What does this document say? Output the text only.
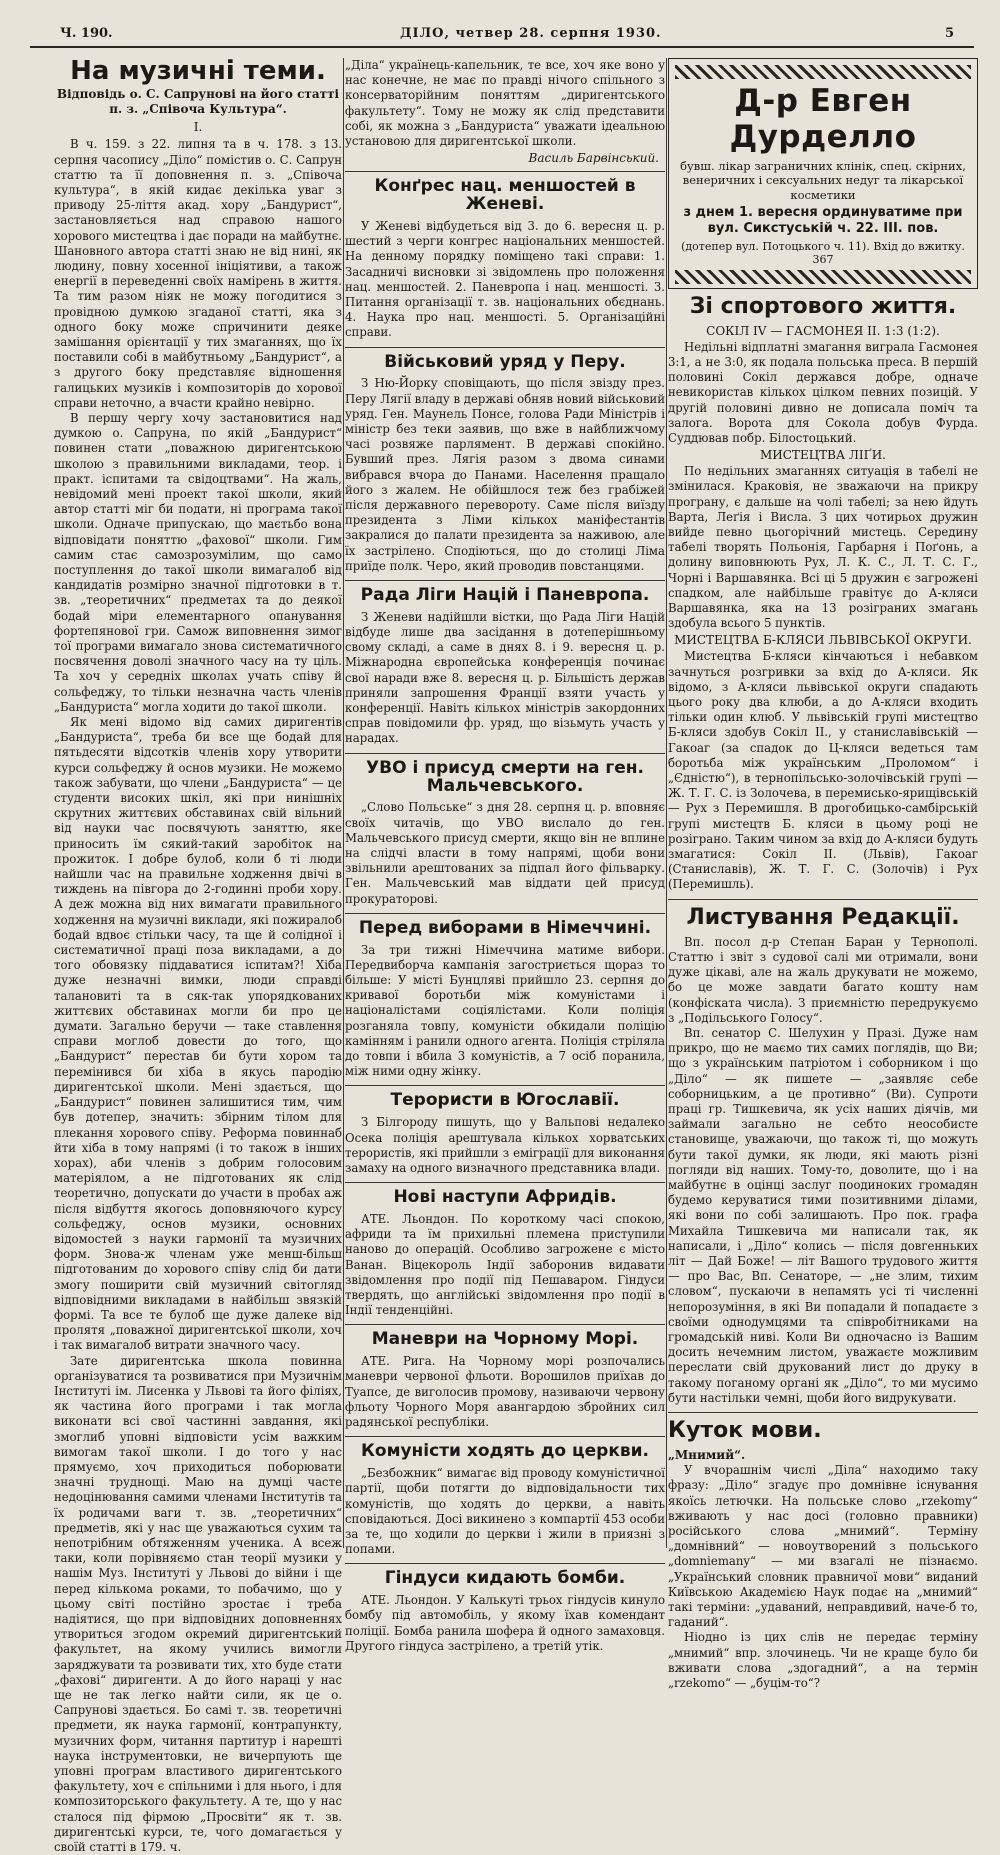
Ч. 190.	ДІЛО, четвер 28. серпня 1930.	5
На музичні теми.
Відповідь о. С. Сапрунові на його статті п. з. „Співоча Культура“.
I.

В ч. 159. з 22. липня та в ч. 178. з 13. серпня часопису „Діло“ помістив о. С. Сапрун статтю та її доповнення п. з. „Співоча культура“, в якій кидає декілька уваг з приводу 25-ліття акад. хору „Бандурист“, застановляється над справою нашого хорового мистецтва і дає поради на майбутнє. Шановного автора статті знаю не від нині, як людину, повну хосенної ініціятиви, а також енергії в переведенні своїх намірень в життя. Та тим разом ніяк не можу погодитися з провідною думкою згаданої статті, яка з одного боку може спричинити деяке замішання орієнтації у тих змаганнях, що їх поставили собі в майбутньому „Бандурист“, а з другого боку представляє відношення галицьких музиків і композиторів до хорової справи неточно, а вчасти крайно невірно.

В першу чергу хочу застановитися над думкою о. Сапруна, по якій „Бандурист“ повинен стати „поважною диригентською школою з правильними викладами, теор. і практ. іспитами та свідоцтвами“. На жаль, невідомий мені проект такої школи, який автор статті міг би подати, ні програма такої школи. Одначе припускаю, що маєтьбо вона відповідати поняттю „фахової“ школи. Гим самим стає самозрозумілим, що само поступлення до такої школи вимагалоб від кандидатів розмірно значної підготовки в т. зв. „теоретичних“ предметах та до деякої бодай міри елементарного опанування фортепянової гри. Самож виповнення зимог тої програми вимагало знова систематичного посвячення доволі значного часу на ту ціль. Та хоч у середніх школах учать співу й сольфеджу, то тільки незначна часть членів „Бандуриста“ могла ходити до такої школи.

Як мені відомо від самих диригентів „Бандуриста“, треба би все ще бодай для пятьдесяти відсотків членів хору утворити курси сольфеджу й основ музики. Не можемо також забувати, що члени „Бандуриста“ — це студенти високих шкіл, які при нинішніх скрутних життєвих обставинах свій вільний від науки час посвячують заняттю, яке приносить їм сякий-такий заробіток на прожиток. І добре булоб, коли б ті люди найшли час на правильне ходження двічі в тиждень на півгора до 2-годинні проби хору. А деж можна від них вимагати правильного ходження на музичні виклади, які пожиралоб бодай вдвоє стільки часу, та ще й солідної і систематичної праці поза викладами, а до того обовязку піддаватися іспитам?! Хіба дуже незначні вимки, люди справді талановиті та в сяк-так упорядкованих життєвих обставинах могли би про це думати. Загально беручи — таке ставлення справи моглоб довести до того, що „Бандурист“ перестав би бути хором та перемінився би хіба в якусь пародію диригентської школи. Мені здається, що „Бандурист“ повинен залишитися тим, чим був дотепер, значить: збірним тілом для плекання хорового співу. Реформа повиннаб йти хіба в тому напрямі (і то також в інших хорах), аби членів з добрим голосовим матеріялом, а не підготованих як слід теоретично, допускати до участи в пробах аж після відбуття якогось доповняючого курсу сольфеджу, основ музики, основних відомостей з науки гармонії та музичних форм. Знова-ж членам уже менш-більш підготованим до хорового співу слід би дати змогу поширити свій музичний світогляд відповідними викладами в найбільш звязкій формі. Та все те булоб ще дуже далеке від пролятя „поважної диригентської школи, хоч і так вимагалоб витрати значного часу.

Зате диригентська школа повинна організуватися та розвиватися при Музичнім Інституті ім. Лисенка у Львові та його філіях, як частина його програми і так могла виконати всі свої частинні завдання, які змоглиб уповні відповісти усім важким вимогам такої школи. І до того у нас прямуємо, хоч приходиться поборювати значні труднощі. Маю на думці часте недоцінювання самими членами Інститутів та їх родичами ваги т. зв. „теоретичних“ предметів, які у нас ще уважаються сухим та непотрібним обтяженням ученика. А всеж таки, коли порівняємо стан теорії музики у нашім Муз. Інституті у Львові до війни і ще перед кількома роками, то побачимо, що у цьому світі постійно зростає і треба надіятися, що при відповідних доповненнях утвориться згодом окремий диригентський факультет, на якому учились вимогли заряджувати та розвивати тих, хто буде стати „фахові“ диригенти. А до його нараці у нас ще не так легко найти сили, як це о. Сапрунові здається. Бо самі т. зв. теоретичні предмети, як наука гармонії, контрапункту, музичних форм, читання партитур і нарешті наука інструментовки, не вичерпують ще уповні програм властивого диригентського факультету, хоч є спільними і для нього, і для композиторського факультету. А те, що у нас сталося під фірмою „Просвіти“ як т. зв. диригентські курси, те, чого домагається у своїй статті в 179. ч.

„Діла“ українець-капельник, те все, хоч яке воно у нас конечне, не має по правді нічого спільного з консерваторійним поняттям „диригентського факультету“. Тому не можу як слід представити собі, як можна з „Бандуриста“ уважати ідеальною установою для диригентської школи.

Василь Барвінський.
Конґрес нац. меншостей в Женеві.

У Женеві відбудеться від 3. до 6. вересня ц. р. шестий з черги конгрес національних меншостей. На денному порядку поміщено такі справи: 1. Засадничі висновки зі звідомлень про положення нац. меншостей. 2. Паневропа і нац. меншості. 3. Питання організації т. зв. національних обєднань. 4. Наука про нац. меншості. 5. Організаційні справи.

Військовий уряд у Перу.

З Ню-Йорку сповіщають, що після звізду през. Перу Лягії владу в державі обняв новий військовий уряд. Ген. Маунель Понсе, голова Ради Міністрів і міністр без теки заявив, що вже в найближчому часі розвяже парлямент. В державі спокійно. Бувший през. Лягія разом з двома синами вибрався вчора до Панами. Населення пращало його з жалем. Не обійшлося теж без грабіжей після державного перевороту. Саме після виїзду президента з Ліми кількох маніфестантів закралися до палати президента за наживою, але їх застрілено. Сподіються, що до столиці Ліма приїде полк. Черо, який проводив повстанцями.

Рада Ліги Націй і Паневропа.

З Женеви надійшли вістки, що Рада Ліги Націй відбуде лише два засідання в дотеперішньому свому складі, а саме в днях 8. і 9. вересня ц. р. Міжнародна європейська конференція починає свої наради вже 8. вересня ц. р. Більшість держав приняли запрошення Франції взяти участь у конференції. Навіть кількох міністрів закордонних справ повідомили фр. уряд, що візьмуть участь у нарадах.

УВО і присуд смерти на ген. Мальчевського.

„Слово Польське“ з дня 28. серпня ц. р. вповняє своїх читачів, що УВО вислало до ген. Мальчевського присуд смерти, якщо він не вплине на слідчі власти в тому напрямі, щоби вони звільнили арештованих за підпал його фільварку. Ген. Мальчевський мав віддати цей присуд прокураторові.

Перед виборами в Німеччині.

За три тижні Німеччина матиме вибори. Передвиборча кампанія загостриється щораз то більше: У місті Бунцляві прийшло 23. серпня до кривавої боротьби між комуністами і націоналістами соціялістами. Коли поліція розганяла товпу, комуністи обкидали поліцію камінням і ранили одного агента. Поліція стріляла до товпи і вбила 3 комуністів, а 7 осіб поранила, між ними одну жінку.

Терористи в Югославії.

З Білгороду пишуть, що у Вальпові недалеко Осека поліція арештувала кількох хорватських терористів, які прийшли з еміграції для виконання замаху на одного визначного представника влади.

Нові наступи Афридів.

АТЕ. Льондон. По короткому часі спокою, африди та їм прихильні племена приступили наново до операцій. Особливо загрожене є місто Ванан. Віцекороль Індії заборонив видавати звідомлення про події під Пешаваром. Гіндуси твердять, що англійські звідомлення про події в Індії тенденційні.

Маневри на Чорному Морі.

АТЕ. Рига. На Чорному морі розпочались маневри червоної фльоти. Ворошилов приїхав до Туапсе, де виголосив промову, називаючи червону фльоту Чорного Моря авангардою збройних сил радянської республіки.

Комуністи ходять до церкви.

„Безбожник“ вимагає від проводу комуністичної партії, щоби потягти до відповідальности тих комуністів, що ходять до церкви, а навіть сповідаються. Досі викинено з компартії 453 особи за те, що ходили до церкви і жили в приязні з попами.

Гіндуси кидають бомби.

АТЕ. Льондон. У Калькуті трьох гіндусів кинуло бомбу під автомобіль, у якому їхав комендант поліції. Бомба ранила шофера й одного замаховця. Другого гіндуса застрілено, а третій утік.

Д-р Евген Дурделло
бувш. лікар заграничних клінік, спец. скірних, венеричних і сексуальних недуг та лікарської косметики
з днем 1. вересня ординуватиме при вул. Сикстуській ч. 22. III. пов.
(дотепер вул. Потоцького ч. 11). Вхід до вжитку. 367
Зі спортового життя.
СОКІЛ IV — ГАСМОНЕЯ II. 1:3 (1:2).

Недільні відплатні змагання виграла Гасмонея 3:1, а не 3:0, як подала польська преса. В першій половині Сокіл держався добре, одначе невикористав кількох цілком певних позицій. У другій половині дивно не дописала поміч та залога. Ворота для Сокола добув Фурда. Суддював побр. Білостоцький.

МИСТЕЦТВА ЛІҐИ.

По недільних змаганнях ситуація в табелі не змінилася. Краковія, не зважаючи на прикру програну, є дальше на чолі табелі; за нею йдуть Варта, Леґія і Висла. З цих чотирьох дружин вийде певно цьогорічний мистець. Середину табелі творять Польонія, Гарбарня і Поґонь, а долину виповнюють Рух, Л. К. С., Л. Т. С. Г., Чорні і Варшавянка. Всі ці 5 дружин є загрожені спадком, але найбільше гравітує до А-кляси Варшавянка, яка на 13 розіграних змагань здобула всього 5 пунктів.

МИСТЕЦТВА Б-КЛЯСИ ЛЬВІВСЬКОЇ ОКРУГИ.

Мистецтва Б-кляси кінчаються і небавком зачнуться розгривки за вхід до А-кляси. Як відомо, з А-кляси львівської округи спадають цього року два клюби, а до А-кляси входить тільки один клюб. У львівській групі мистецтво Б-кляси здобув Сокіл II., у станиславівській — Гакоаг (за спадок до Ц-кляси ведеться там боротьба між українським „Проломом“ і „Єдністю“), в тернопільсько-золочівській групі — Ж. Т. Г. С. із Золочева, в перемисько-ярищівській — Рух з Перемишля. В дрогобицько-самбірській групі мистецтв Б. кляси в цьому році не розіграно. Таким чином за вхід до А-кляси будуть змагатися: Сокіл II. (Львів), Гакоаг (Станиславів), Ж. Т. Г. С. (Золочів) і Рух (Перемишль).

Листування Редакції.

Вп. посол д-р Степан Баран у Тернополі. Статтю і звіт з судової салі ми отримали, вони дуже цікаві, але на жаль друкувати не можемо, бо це може завдати багато кошту нам (конфіската числа). З приємністю передрукуємо з „Подільського Голосу“.

Вп. сенатор С. Шелухин у Празі. Дуже нам прикро, що не маємо тих самих поглядів, що Ви; що з українським патріотом і соборником і що „Діло“ — як пишете — „заявляє себе соборницьким, а це противно“ (Ви). Супроти праці гр. Тишкевича, як усіх наших діячів, ми займали загально не себто неособисте становище, уважаючи, що також ті, що можуть бути такої думки, як люди, які мають різні погляди від наших. Тому-то, доволите, що і на майбутнє в оцінці заслуг поодиноких громадян будемо керуватися тими позитивними ділами, які вони по собі залишають. Про пок. графа Михайла Тишкевича ми написали так, як написали, і „Діло“ колись — після довгенньких літ — Дай Боже! — літ Вашого трудового життя — про Вас, Вп. Сенаторе, — „не злим, тихим словом“, пускаючи в непамять усі ті численні непорозуміння, в які Ви попадали й попадаєте з своїми однодумцями та співробітниками на громадській ниві. Коли Ви одночасно із Вашим досить нечемним листом, уважаєте можливим переслати свій друкований лист до друку в такому поганому органі як „Діло“, то ми мусимо бути настільки чемні, щоби його видрукувати.

Куток мови.
„Мнимий“.

У вчорашнім числі „Діла“ находимо таку фразу: „Діло“ згадує про домнівне існування якоїсь летючки. На польське слово „rzekomy“ вживають у нас досі (головно правники) російського слова „мнимий“. Терміну „домнівний“ — новоутворений з польського „domniemany“ — ми взагалі не пізнаємо. „Український словник правничої мови“ виданий Київською Академією Наук подає на „мнимий“ такі терміни: „удаваний, неправдивий, наче-б то, гаданий“.

Ніодно із цих слів не передає терміну „мнимий“ впр. злочинець. Чи не краще було би вживати слова „здогадний“, а на термін „rzekomo“ — „буцім-то“?
